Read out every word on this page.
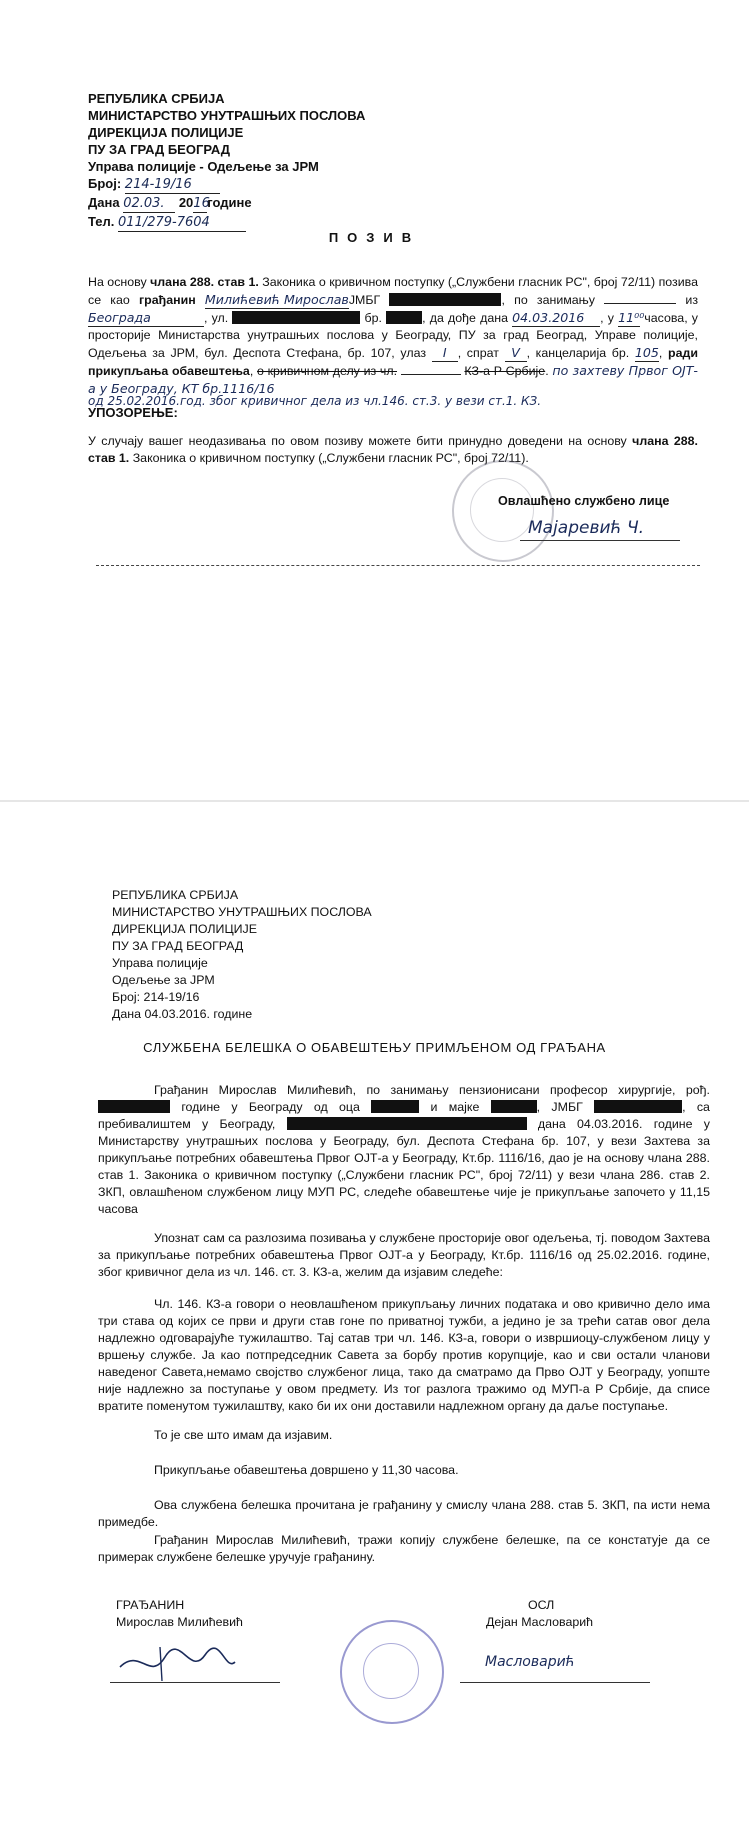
РЕПУБЛИКА СРБИЈА
МИНИСТАРСТВО УНУТРАШЊИХ ПОСЛОВА
ДИРЕКЦИЈА ПОЛИЦИЈЕ
ПУ ЗА ГРАД БЕОГРАД
Управа полиције - Одељење за ЈРМ
Број: 214-19/16
Дана 02.03. 2016године
Тел. 011/279-7604
ПОЗИВ
На основу члана 288. став 1. Законика о кривичном поступку („Службени гласник РС", број 72/11) позива се као грађанин Милићевић МирославЈМБГ	, по занимању	из Београда	, ул.	бр.	, да дође дана 04.03.2016 , у 11⁰⁰ часова, у просторије Министарства унутрашњих послова у Београду, ПУ за град Београд, Управе полиције, Одељења за ЈРМ, бул. Деспота Стефана, бр. 107, улаз I , спрат V , канцеларија бр. 105, ради прикупљања обавештења, о кривичном делу из чл.	КЗ-а Р Србије. по захтеву Првог ОЈТ-а у Београду, КТ бр.1116/16
од 25.02.2016.год. због кривичног дела из чл.146. ст.3. у вези ст.1. КЗ.
УПОЗОРЕЊЕ:
У случају вашег неодазивања по овом позиву можете бити принудно доведени на основу члана 288. став 1. Законика о кривичном поступку („Службени гласник РС", број 72/11).
Овлашћено службено лице
Мајаревић Ч.
РЕПУБЛИКА СРБИЈА
МИНИСТАРСТВО УНУТРАШЊИХ ПОСЛОВА
ДИРЕКЦИЈА ПОЛИЦИЈЕ
ПУ ЗА ГРАД БЕОГРАД
Управа полиције
Одељење за ЈРМ
Број: 214-19/16
Дана 04.03.2016. године
СЛУЖБЕНА БЕЛЕШКА О ОБАВЕШТЕЊУ ПРИМЉЕНОМ ОД ГРАЂАНА
Грађанин Мирослав Милићевић, по занимању пензионисани професор хирургије, рођ.  године у Београду од оца	и мајке	, ЈМБГ	, са пребивалиштем у Београду,	дана 04.03.2016. године у Министарству унутрашњих послова у Београду, бул. Деспота Стефана бр. 107, у вези Захтева за прикупљање потребних обавештења Првог ОЈТ-а у Београду, Кт.бр. 1116/16, дао је на основу члана 288. став 1. Законика о кривичном поступку („Службени гласник РС", број 72/11) у вези члана 286. став 2. ЗКП, овлашћеном службеном лицу МУП РС, следеће обавештење чије је прикупљање започето у 11,15 часова
Упознат сам са разлозима позивања у службене просторије овог одељења, тј. поводом Захтева за прикупљање потребних обавештења Првог ОЈТ-а у Београду, Кт.бр. 1116/16 од 25.02.2016. године, због кривичног дела из чл. 146. ст. 3. КЗ-а, желим да изјавим следеће:
Чл. 146. КЗ-а говори о неовлашћеном прикупљању личних података и ово кривично дело има три става од којих се први и други став гоне по приватној тужби, а једино је за трећи сатав овог дела надлежно одговарајуће тужилаштво. Тај сатав три чл. 146. КЗ-а, говори о извршиоцу-службеном лицу у вршењу службе. Ја као потпредседник Савета за борбу против корупције, као и сви остали чланови наведеног Савета,немамо својство службеног лица, тако да сматрамо да Прво ОЈТ у Београду, уопште није надлежно за поступање у овом предмету. Из тог разлога тражимо од МУП-а Р Србије, да списе вратите поменутом тужилаштву, како би их они доставили надлежном органу да даље поступање.
То је све што имам да изјавим.
Прикупљање обавештења довршено у 11,30 часова.
Ова службена белешка прочитана је грађанину у смислу члана 288. став 5. ЗКП, па исти нема примедбе.
Грађанин Мирослав Милићевић, тражи копију службене белешке, па се констатује да се примерак службене белешке уручује грађанину.
ГРАЂАНИН
Мирослав Милићевић
ОСЛ
Дејан Масловарић
Масловарић
